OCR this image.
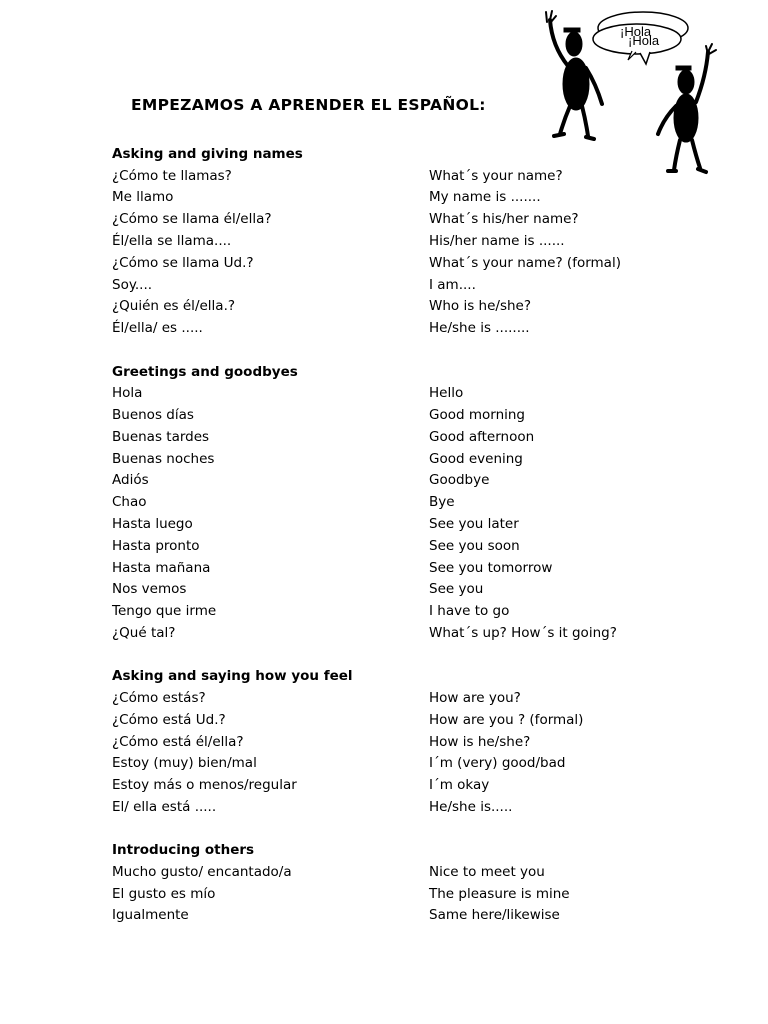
EMPEZAMOS A APRENDER EL ESPAÑOL:
¡Hola
¡Hola
Asking and giving names
¿Cómo te llamas?	What´s your name?
Me llamo	My name is .......
¿Cómo se llama él/ella?	What´s his/her name?
Él/ella se llama....	His/her name is ......
¿Cómo se llama Ud.?	What´s your name? (formal)
Soy....	I am....
¿Quién es él/ella.?	Who is he/she?
Él/ella/ es .....	He/she is ........
Greetings and goodbyes
Hola	Hello
Buenos días	Good morning
Buenas tardes	Good afternoon
Buenas noches	Good evening
Adiós	Goodbye
Chao	Bye
Hasta luego	See you later
Hasta pronto	See you soon
Hasta mañana	See you tomorrow
Nos vemos	See you
Tengo que irme	I have to go
¿Qué tal?	What´s up? How´s it going?
Asking and saying how you feel
¿Cómo estás?	How are you?
¿Cómo está Ud.?	How are you ? (formal)
¿Cómo está él/ella?	How is he/she?
Estoy (muy) bien/mal	I´m (very) good/bad
Estoy más o menos/regular	I´m okay
El/ ella está .....	He/she is.....
Introducing others
Mucho gusto/ encantado/a	Nice to meet you
El gusto es mío	The pleasure is mine
Igualmente	Same here/likewise
